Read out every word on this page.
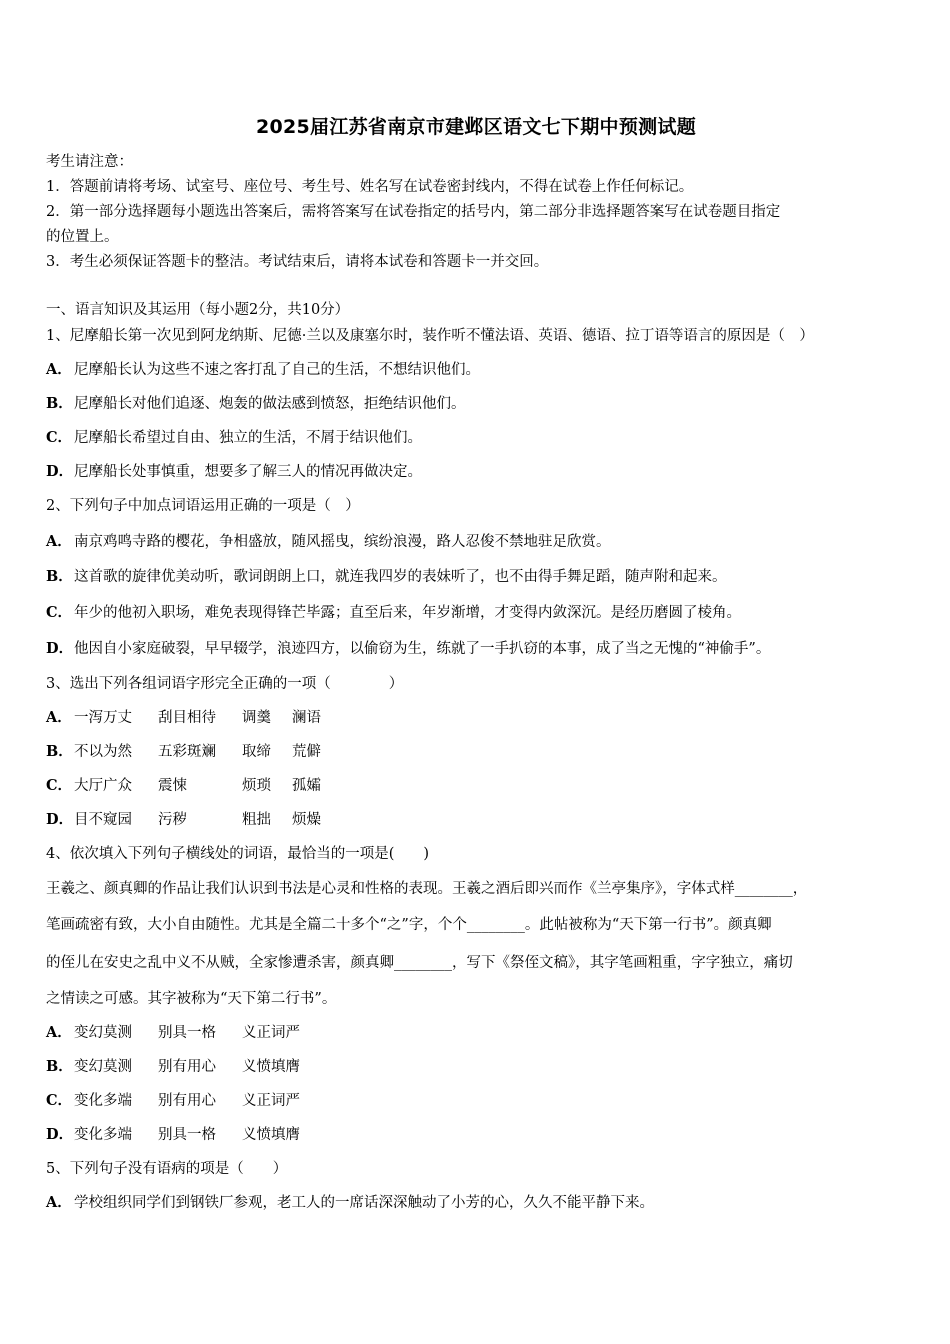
2025届江苏省南京市建邺区语文七下期中预测试题
考生请注意：
1．答题前请将考场、试室号、座位号、考生号、姓名写在试卷密封线内，不得在试卷上作任何标记。
2．第一部分选择题每小题选出答案后，需将答案写在试卷指定的括号内，第二部分非选择题答案写在试卷题目指定
的位置上。
3．考生必须保证答题卡的整洁。考试结束后，请将本试卷和答题卡一并交回。
一、语言知识及其运用（每小题2分，共10分）
1、尼摩船长第一次见到阿龙纳斯、尼德·兰以及康塞尔时，装作听不懂法语、英语、德语、拉丁语等语言的原因是（　）
A． 尼摩船长认为这些不速之客打乱了自己的生活，不想结识他们。
B．尼摩船长对他们追逐、炮轰的做法感到愤怒，拒绝结识他们。
C． 尼摩船长希望过自由、独立的生活，不屑于结识他们。
D．尼摩船长处事慎重，想要多了解三人的情况再做决定。
2、下列句子中加点词语运用正确的一项是（　）
A． 南京鸡鸣寺路的樱花，争相盛放，随风摇曳，缤纷浪漫，路人忍俊不禁地驻足欣赏。
B．这首歌的旋律优美动听，歌词朗朗上口，就连我四岁的表妹听了，也不由得手舞足蹈，随声附和起来。
C． 年少的他初入职场，难免表现得锋芒毕露；直至后来，年岁渐增，才变得内敛深沉。是经历磨圆了棱角。
D．他因自小家庭破裂，早早辍学，浪迹四方，以偷窃为生，练就了一手扒窃的本事，成了当之无愧的“神偷手”。
3、选出下列各组词语字形完全正确的一项（　　　　）
A． 一泻万丈 刮目相待 调羹 澜语
B．不以为然 五彩斑斓 取缔 荒僻
C． 大厅广众 震悚	烦琐 孤孀
D．目不窥园 污秽	粗拙 烦燥
4、依次填入下列句子横线处的词语，最恰当的一项是(　　)
王羲之、颜真卿的作品让我们认识到书法是心灵和性格的表现。王羲之酒后即兴而作《兰亭集序》，字体式样________，
笔画疏密有致，大小自由随性。尤其是全篇二十多个“之”字，个个________。此帖被称为“天下第一行书”。颜真卿
的侄儿在安史之乱中义不从贼，全家惨遭杀害，颜真卿________，写下《祭侄文稿》，其字笔画粗重，字字独立，痛切
之情读之可感。其字被称为“天下第二行书”。
A． 变幻莫测 别具一格 义正词严
B．变幻莫测 别有用心 义愤填膺
C． 变化多端 别有用心 义正词严
D．变化多端 别具一格 义愤填膺
5、下列句子没有语病的项是（　　）
A． 学校组织同学们到钢铁厂参观，老工人的一席话深深触动了小芳的心，久久不能平静下来。
